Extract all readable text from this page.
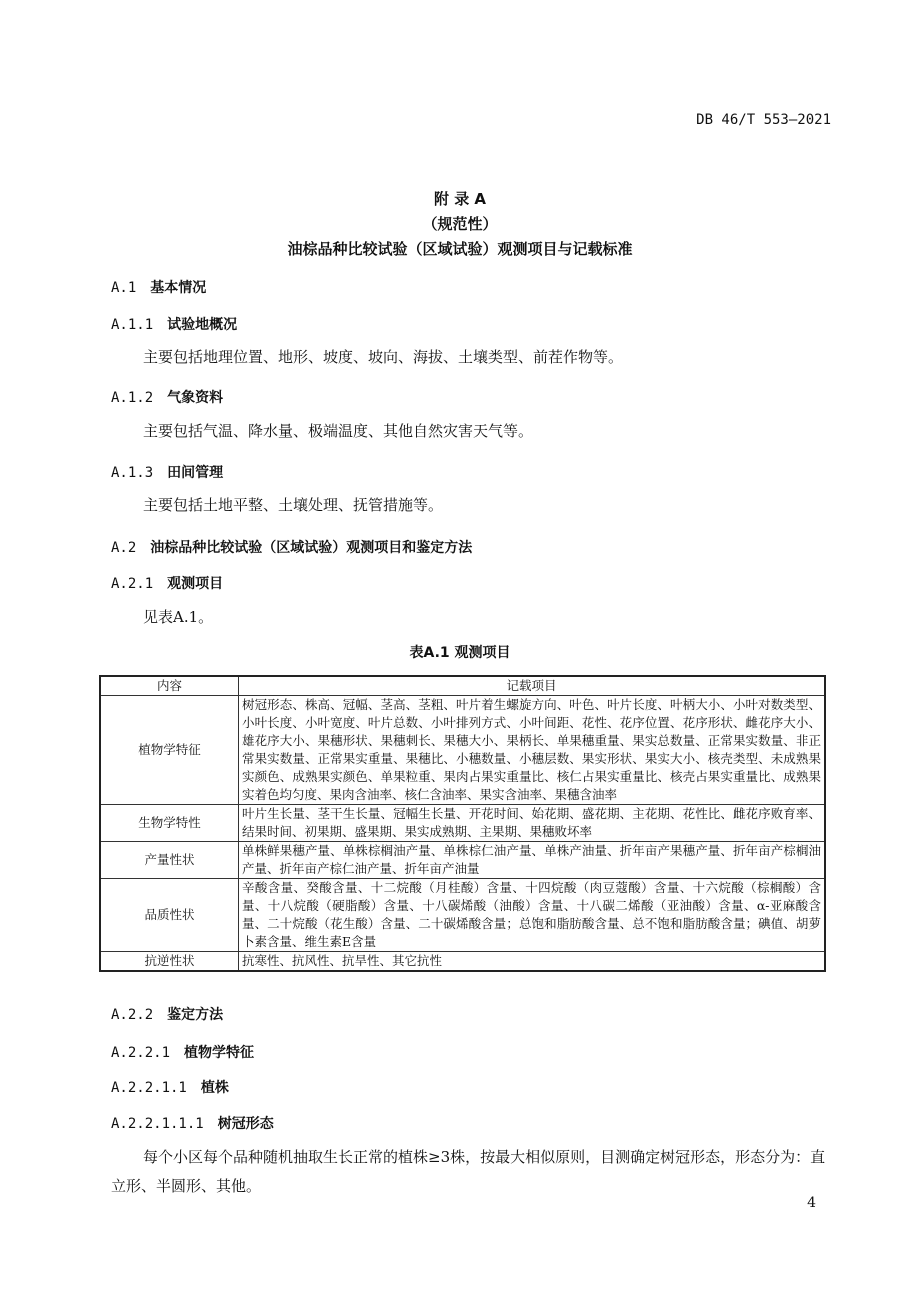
DB 46/T 553—2021
附 录 A
（规范性）
油棕品种比较试验（区域试验）观测项目与记载标准
A.1 基本情况
A.1.1 试验地概况
主要包括地理位置、地形、坡度、坡向、海拔、土壤类型、前茬作物等。
A.1.2 气象资料
主要包括气温、降水量、极端温度、其他自然灾害天气等。
A.1.3 田间管理
主要包括土地平整、土壤处理、抚管措施等。
A.2 油棕品种比较试验（区域试验）观测项目和鉴定方法
A.2.1 观测项目
见表A.1。
表A.1 观测项目
内容	记载项目
植物学特征	树冠形态、株高、冠幅、茎高、茎粗、叶片着生螺旋方向、叶色、叶片长度、叶柄大小、小叶对数类型、小叶长度、小叶宽度、叶片总数、小叶排列方式、小叶间距、花性、花序位置、花序形状、雌花序大小、雄花序大小、果穗形状、果穗刺长、果穗大小、果柄长、单果穗重量、果实总数量、正常果实数量、非正常果实数量、正常果实重量、果穗比、小穗数量、小穗层数、果实形状、果实大小、核壳类型、未成熟果实颜色、成熟果实颜色、单果粒重、果肉占果实重量比、核仁占果实重量比、核壳占果实重量比、成熟果实着色均匀度、果肉含油率、核仁含油率、果实含油率、果穗含油率
生物学特性	叶片生长量、茎干生长量、冠幅生长量、开花时间、始花期、盛花期、主花期、花性比、雌花序败育率、结果时间、初果期、盛果期、果实成熟期、主果期、果穗败坏率
产量性状	单株鲜果穗产量、单株棕榈油产量、单株棕仁油产量、单株产油量、折年亩产果穗产量、折年亩产棕榈油产量、折年亩产棕仁油产量、折年亩产油量
品质性状	辛酸含量、癸酸含量、十二烷酸（月桂酸）含量、十四烷酸（肉豆蔻酸）含量、十六烷酸（棕榈酸）含量、十八烷酸（硬脂酸）含量、十八碳烯酸（油酸）含量、十八碳二烯酸（亚油酸）含量、α-亚麻酸含量、二十烷酸（花生酸）含量、二十碳烯酸含量；总饱和脂肪酸含量、总不饱和脂肪酸含量；碘值、胡萝卜素含量、维生素E含量
抗逆性状	抗寒性、抗风性、抗旱性、其它抗性
A.2.2 鉴定方法
A.2.2.1 植物学特征
A.2.2.1.1 植株
A.2.2.1.1.1 树冠形态
每个小区每个品种随机抽取生长正常的植株≥3株，按最大相似原则，目测确定树冠形态，形态分为：直立形、半圆形、其他。
4
